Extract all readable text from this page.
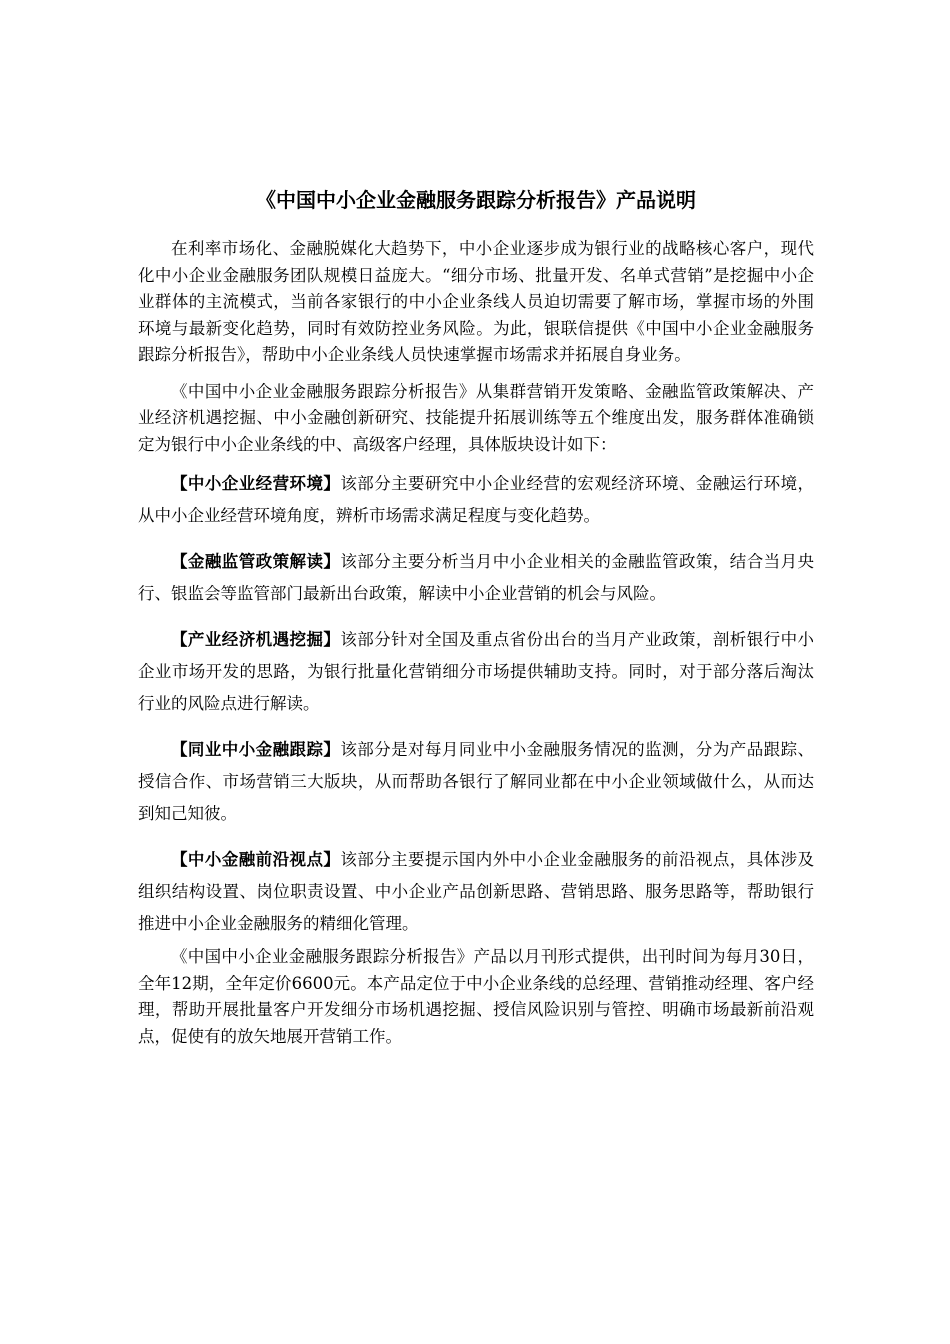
《中国中小企业金融服务跟踪分析报告》产品说明

在利率市场化、金融脱媒化大趋势下，中小企业逐步成为银行业的战略核心客户，现代化中小企业金融服务团队规模日益庞大。“细分市场、批量开发、名单式营销”是挖掘中小企业群体的主流模式，当前各家银行的中小企业条线人员迫切需要了解市场，掌握市场的外围环境与最新变化趋势，同时有效防控业务风险。为此，银联信提供《中国中小企业金融服务跟踪分析报告》，帮助中小企业条线人员快速掌握市场需求并拓展自身业务。

《中国中小企业金融服务跟踪分析报告》从集群营销开发策略、金融监管政策解决、产业经济机遇挖掘、中小金融创新研究、技能提升拓展训练等五个维度出发，服务群体准确锁定为银行中小企业条线的中、高级客户经理，具体版块设计如下：

【中小企业经营环境】该部分主要研究中小企业经营的宏观经济环境、金融运行环境，从中小企业经营环境角度，辨析市场需求满足程度与变化趋势。

【金融监管政策解读】该部分主要分析当月中小企业相关的金融监管政策，结合当月央行、银监会等监管部门最新出台政策，解读中小企业营销的机会与风险。

【产业经济机遇挖掘】该部分针对全国及重点省份出台的当月产业政策，剖析银行中小企业市场开发的思路，为银行批量化营销细分市场提供辅助支持。同时，对于部分落后淘汰行业的风险点进行解读。

【同业中小金融跟踪】该部分是对每月同业中小金融服务情况的监测，分为产品跟踪、授信合作、市场营销三大版块，从而帮助各银行了解同业都在中小企业领域做什么，从而达到知己知彼。

【中小金融前沿视点】该部分主要提示国内外中小企业金融服务的前沿视点，具体涉及组织结构设置、岗位职责设置、中小企业产品创新思路、营销思路、服务思路等，帮助银行推进中小企业金融服务的精细化管理。

《中国中小企业金融服务跟踪分析报告》产品以月刊形式提供，出刊时间为每月30日，全年12期，全年定价6600元。本产品定位于中小企业条线的总经理、营销推动经理、客户经理，帮助开展批量客户开发细分市场机遇挖掘、授信风险识别与管控、明确市场最新前沿观点，促使有的放矢地展开营销工作。
